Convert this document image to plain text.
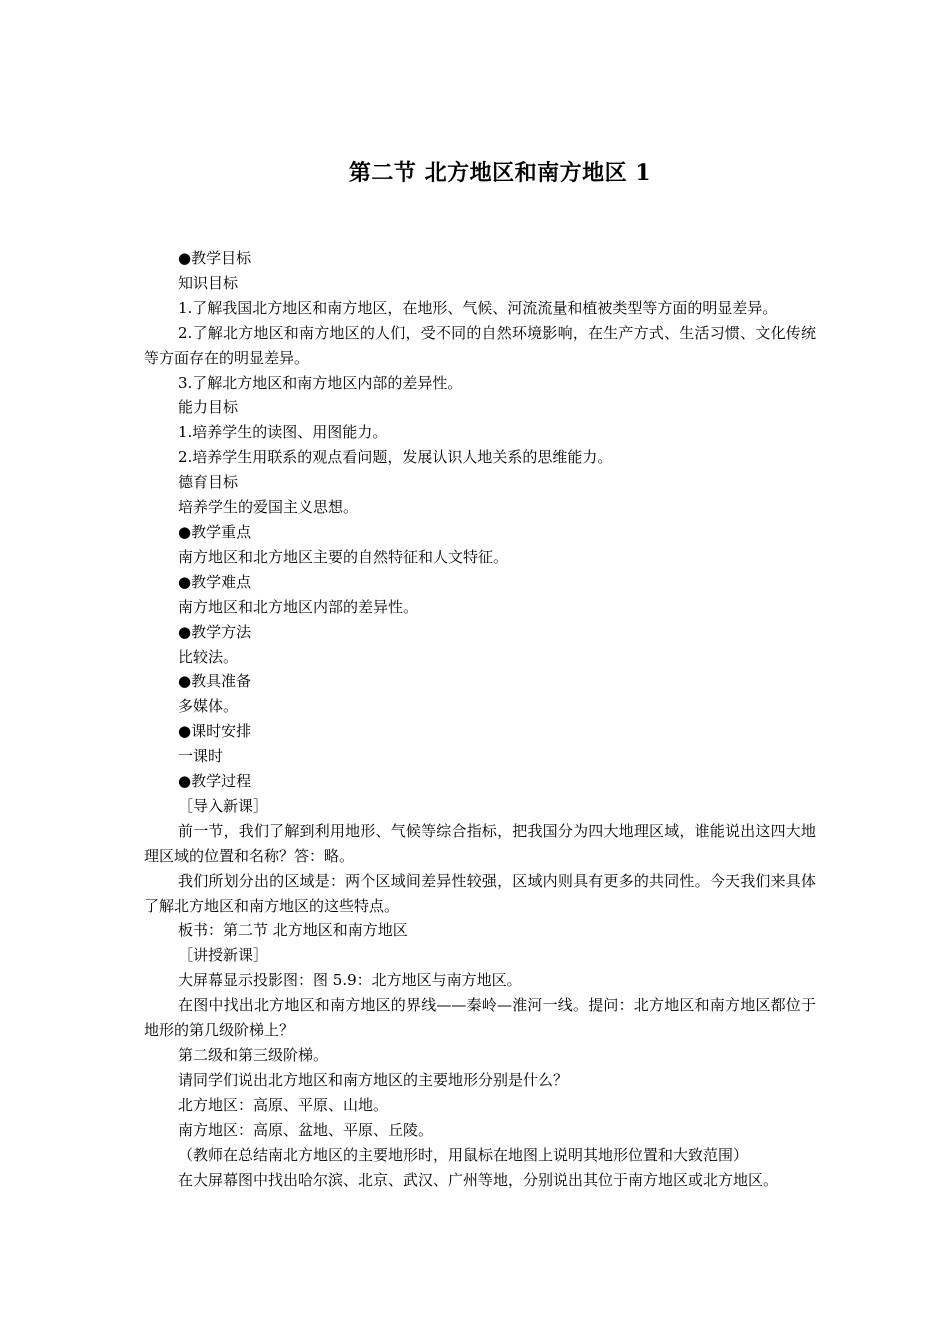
第二节 北方地区和南方地区 1

●教学目标

知识目标

1.了解我国北方地区和南方地区，在地形、气候、河流流量和植被类型等方面的明显差异。

2.了解北方地区和南方地区的人们，受不同的自然环境影响，在生产方式、生活习惯、文化传统等方面存在的明显差异。

3.了解北方地区和南方地区内部的差异性。

能力目标

1.培养学生的读图、用图能力。

2.培养学生用联系的观点看问题，发展认识人地关系的思维能力。

德育目标

培养学生的爱国主义思想。

●教学重点

南方地区和北方地区主要的自然特征和人文特征。

●教学难点

南方地区和北方地区内部的差异性。

●教学方法

比较法。

●教具准备

多媒体。

●课时安排

一课时

●教学过程

［导入新课］

前一节，我们了解到利用地形、气候等综合指标，把我国分为四大地理区域，谁能说出这四大地理区域的位置和名称？答：略。

我们所划分出的区域是：两个区域间差异性较强，区域内则具有更多的共同性。今天我们来具体了解北方地区和南方地区的这些特点。

板书：第二节 北方地区和南方地区

［讲授新课］

大屏幕显示投影图：图 5.9：北方地区与南方地区。

在图中找出北方地区和南方地区的界线——秦岭—淮河一线。提问：北方地区和南方地区都位于地形的第几级阶梯上？

第二级和第三级阶梯。

请同学们说出北方地区和南方地区的主要地形分别是什么？

北方地区：高原、平原、山地。

南方地区：高原、盆地、平原、丘陵。

（教师在总结南北方地区的主要地形时，用鼠标在地图上说明其地形位置和大致范围）

在大屏幕图中找出哈尔滨、北京、武汉、广州等地，分别说出其位于南方地区或北方地区。
